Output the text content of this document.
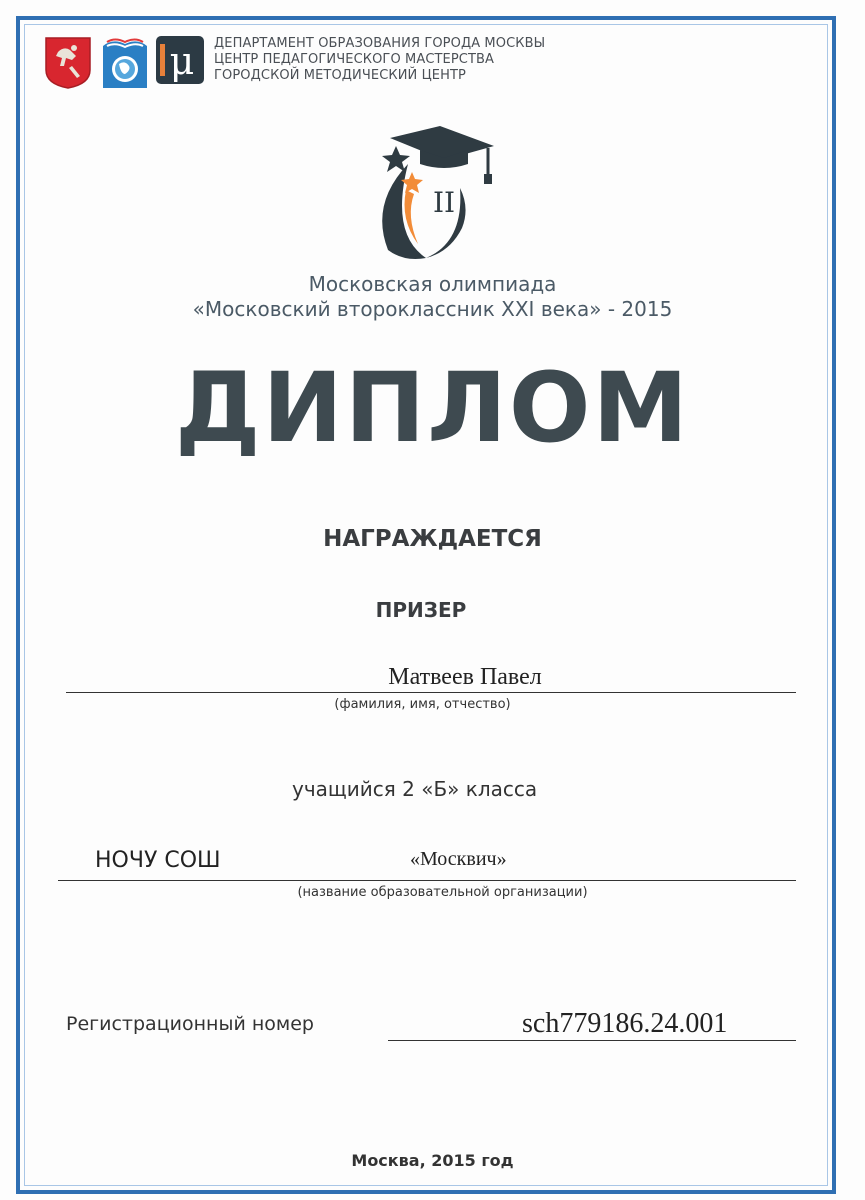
μ ДЕПАРТАМЕНТ ОБРАЗОВАНИЯ ГОРОДА МОСКВЫ
ЦЕНТР ПЕДАГОГИЧЕСКОГО МАСТЕРСТВА
ГОРОДСКОЙ МЕТОДИЧЕСКИЙ ЦЕНТР
II
Московская олимпиада
«Московский второклассник XXI века» - 2015
ДИПЛОМ
НАГРАЖДАЕТСЯ
ПРИЗЕР
Матвеев Павел
(фамилия, имя, отчество)
учащийся 2 «Б» класса
НОЧУ СОШ	«Москвич»
(название образовательной организации)
Регистрационный номер	sch779186.24.001
Москва, 2015 год
